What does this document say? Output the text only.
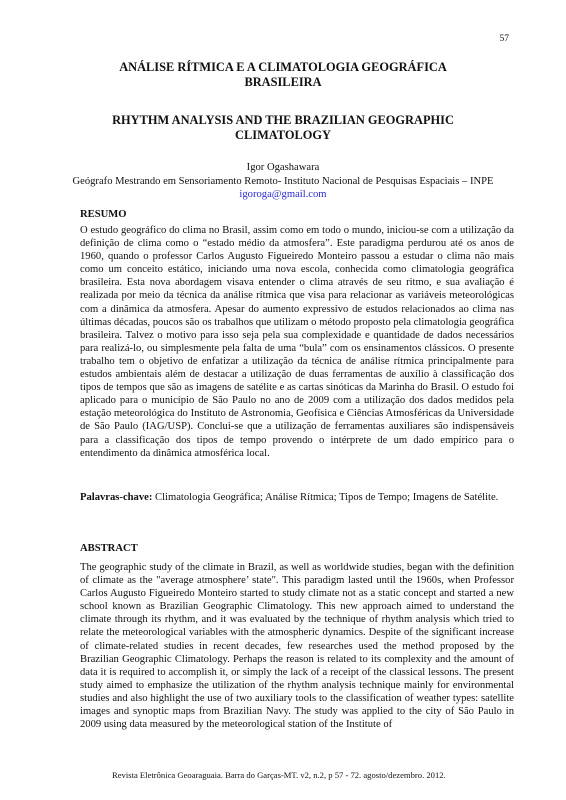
57

ANÁLISE RÍTMICA E A CLIMATOLOGIA GEOGRÁFICA BRASILEIRA

RHYTHM ANALYSIS AND THE BRAZILIAN GEOGRAPHIC CLIMATOLOGY

Igor Ogashawara
Geógrafo Mestrando em Sensoriamento Remoto- Instituto Nacional de Pesquisas Espaciais – INPE
igoroga@gmail.com

RESUMO

O estudo geográfico do clima no Brasil, assim como em todo o mundo, iniciou-se com a utilização da definição de clima como o “estado médio da atmosfera”. Este paradigma perdurou até os anos de 1960, quando o professor Carlos Augusto Figueiredo Monteiro passou a estudar o clima não mais como um conceito estático, iniciando uma nova escola, conhecida como climatologia geográfica brasileira. Esta nova abordagem visava entender o clima através de seu ritmo, e sua avaliação é realizada por meio da técnica da análise rítmica que visa para relacionar as variáveis meteorológicas com a dinâmica da atmosfera. Apesar do aumento expressivo de estudos relacionados ao clima nas últimas décadas, poucos são os trabalhos que utilizam o método proposto pela climatologia geográfica brasileira. Talvez o motivo para isso seja pela sua complexidade e quantidade de dados necessários para realizá-lo, ou simplesmente pela falta de uma “bula” com os ensinamentos clássicos. O presente trabalho tem o objetivo de enfatizar a utilização da técnica de análise rítmica principalmente para estudos ambientais além de destacar a utilização de duas ferramentas de auxílio à classificação dos tipos de tempos que são as imagens de satélite e as cartas sinóticas da Marinha do Brasil. O estudo foi aplicado para o município de São Paulo no ano de 2009 com a utilização dos dados medidos pela estação meteorológica do Instituto de Astronomia, Geofísica e Ciências Atmosféricas da Universidade de São Paulo (IAG/USP). Conclui-se que a utilização de ferramentas auxiliares são indispensáveis para a classificação dos tipos de tempo provendo o intérprete de um dado empírico para o entendimento da dinâmica atmosférica local.

Palavras-chave: Climatologia Geográfica; Análise Rítmica; Tipos de Tempo; Imagens de Satélite.

ABSTRACT

The geographic study of the climate in Brazil, as well as worldwide studies, began with the definition of climate as the "average atmosphere’ state". This paradigm lasted until the 1960s, when Professor Carlos Augusto Figueiredo Monteiro started to study climate not as a static concept and started a new school known as Brazilian Geographic Climatology. This new approach aimed to understand the climate through its rhythm, and it was evaluated by the technique of rhythm analysis which tried to relate the meteorological variables with the atmospheric dynamics. Despite of the significant increase of climate-related studies in recent decades, few researches used the method proposed by the Brazilian Geographic Climatology. Perhaps the reason is related to its complexity and the amount of data it is required to accomplish it, or simply the lack of a receipt of the classical lessons. The present study aimed to emphasize the utilization of the rhythm analysis technique mainly for environmental studies and also highlight the use of two auxiliary tools to the classification of weather types: satellite images and synoptic maps from Brazilian Navy. The study was applied to the city of São Paulo in 2009 using data measured by the meteorological station of the Institute of

Revista Eletrônica Geoaraguaia. Barra do Garças-MT. v2, n.2, p 57 - 72. agosto/dezembro. 2012.
